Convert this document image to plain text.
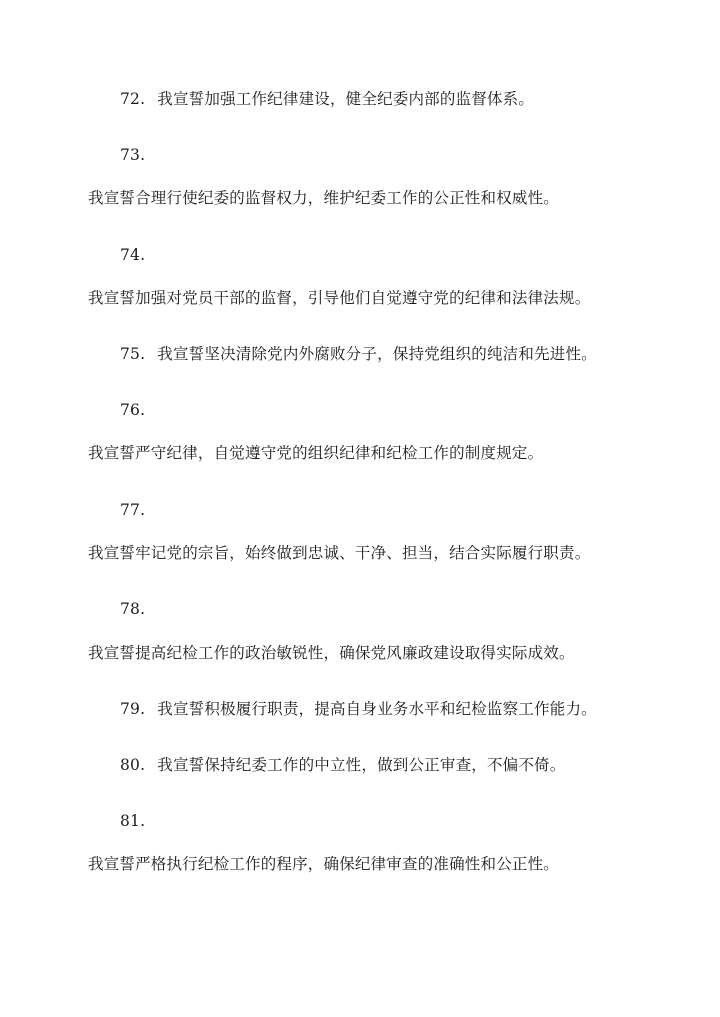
72. 我宣誓加强工作纪律建设，健全纪委内部的监督体系。
73.
我宣誓合理行使纪委的监督权力，维护纪委工作的公正性和权威性。
74.
我宣誓加强对党员干部的监督，引导他们自觉遵守党的纪律和法律法规。
75. 我宣誓坚决清除党内外腐败分子，保持党组织的纯洁和先进性。
76.
我宣誓严守纪律，自觉遵守党的组织纪律和纪检工作的制度规定。
77.
我宣誓牢记党的宗旨，始终做到忠诚、干净、担当，结合实际履行职责。
78.
我宣誓提高纪检工作的政治敏锐性，确保党风廉政建设取得实际成效。
79. 我宣誓积极履行职责，提高自身业务水平和纪检监察工作能力。
80. 我宣誓保持纪委工作的中立性，做到公正审查，不偏不倚。
81.
我宣誓严格执行纪检工作的程序，确保纪律审查的准确性和公正性。
